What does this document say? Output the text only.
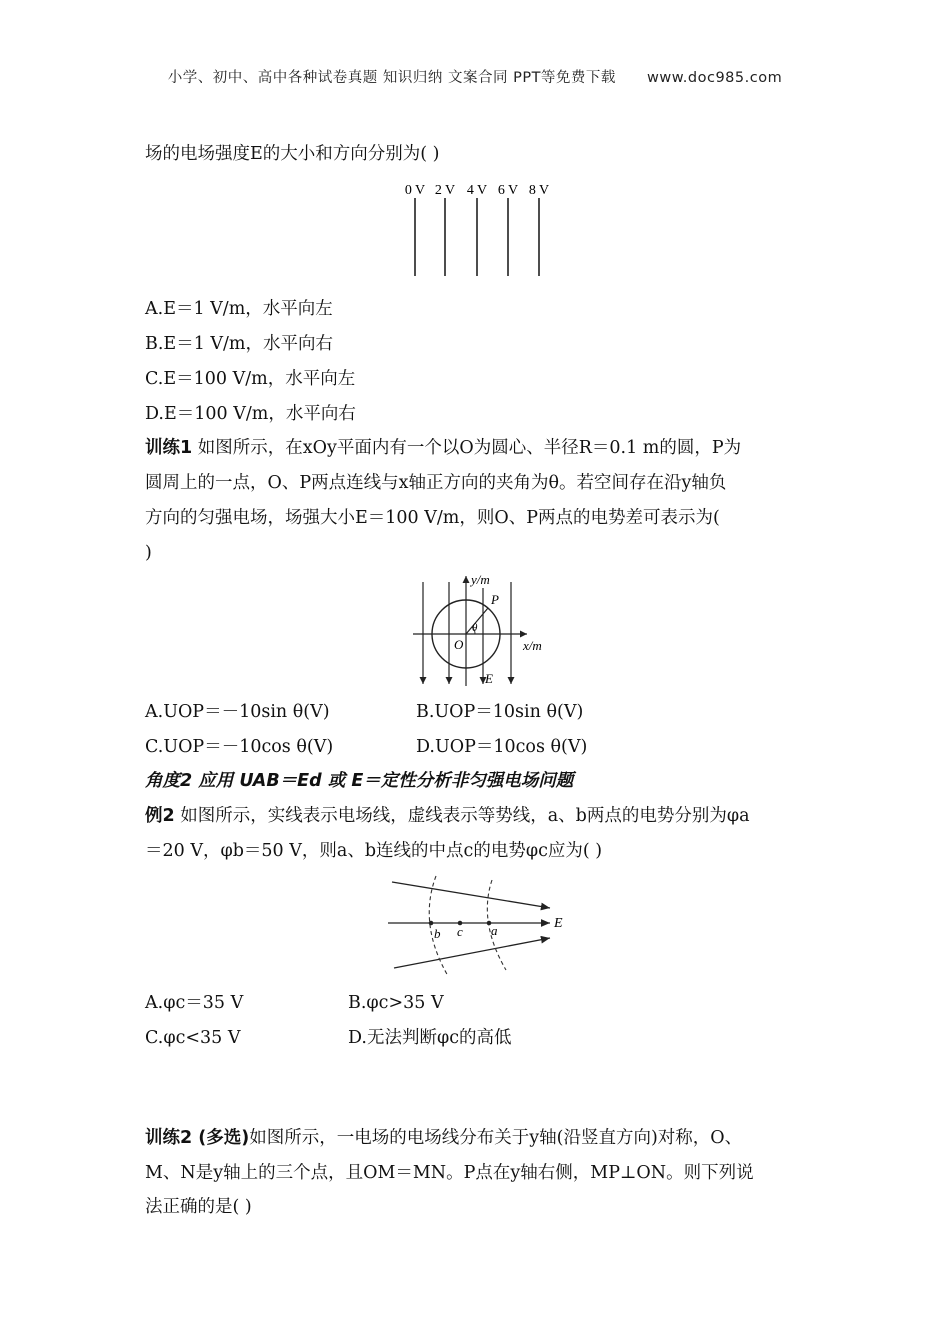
小学、初中、高中各种试卷真题 知识归纳 文案合同 PPT等免费下载 www.doc985.com
场的电场强度E的大小和方向分别为( )
0 V 2 V 4 V 6 V 8 V
A.E＝1 V/m，水平向左
B.E＝1 V/m，水平向右
C.E＝100 V/m，水平向左
D.E＝100 V/m，水平向右
训练1 如图所示，在xOy平面内有一个以O为圆心、半径R＝0.1 m的圆，P为
圆周上的一点，O、P两点连线与x轴正方向的夹角为θ。若空间存在沿y轴负
方向的匀强电场，场强大小E＝100 V/m，则O、P两点的电势差可表示为(
)
y/m
x/m
O
P
θ
E
A.UOP＝－10sin θ(V)	B.UOP＝10sin θ(V)
C.UOP＝－10cos θ(V)	D.UOP＝10cos θ(V)
角度2 应用 UAB＝Ed 或 E＝定性分析非匀强电场问题
例2 如图所示，实线表示电场线，虚线表示等势线，a、b两点的电势分别为φa
＝20 V，φb＝50 V，则a、b连线的中点c的电势φc应为( )
b c a	E
A.φc＝35 V	B.φc>35 V
C.φc<35 V	D.无法判断φc的高低
训练2 (多选)如图所示，一电场的电场线分布关于y轴(沿竖直方向)对称，O、
M、N是y轴上的三个点，且OM＝MN。P点在y轴右侧，MP⊥ON。则下列说
法正确的是( )
